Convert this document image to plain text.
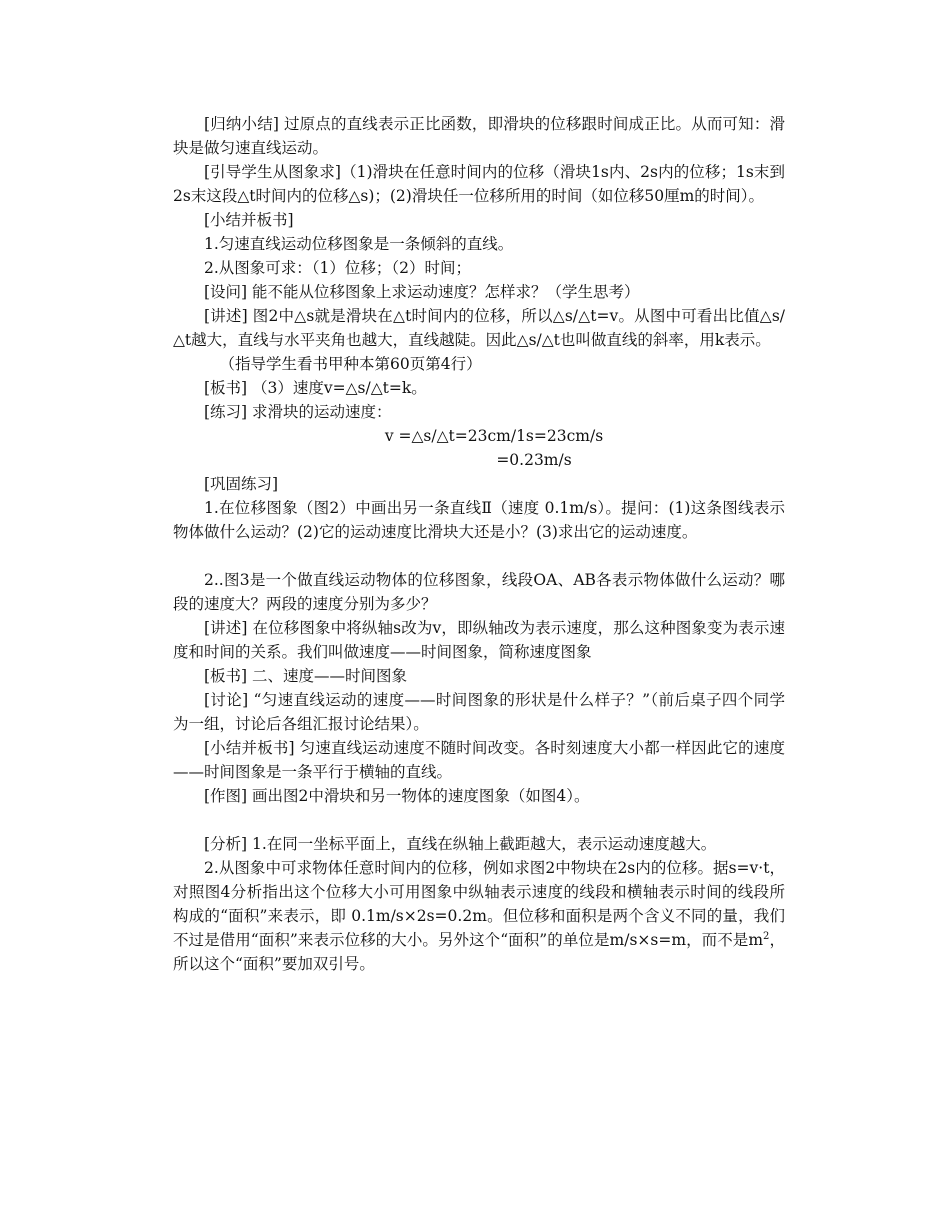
[归纳小结] 过原点的直线表示正比函数，即滑块的位移跟时间成正比。从而可知：滑块是做匀速直线运动。

[引导学生从图象求]（1)滑块在任意时间内的位移（滑块1s内、2s内的位移；1s末到2s末这段△t时间内的位移△s)；(2)滑块任一位移所用的时间（如位移50厘m的时间）。

[小结并板书]

1.匀速直线运动位移图象是一条倾斜的直线。

2.从图象可求：（1）位移；（2）时间；

[设问] 能不能从位移图象上求运动速度？怎样求？（学生思考）

[讲述] 图2中△s就是滑块在△t时间内的位移，所以△s/△t=v。从图中可看出比值△s/△t越大，直线与水平夹角也越大，直线越陡。因此△s/△t也叫做直线的斜率，用k表示。

（指导学生看书甲种本第60页第4行）

[板书] （3）速度v=△s/△t=k。

[练习] 求滑块的运动速度：

v =△s/△t=23cm/1s=23cm/s

=0.23m/s

[巩固练习]

1.在位移图象（图2）中画出另一条直线Ⅱ（速度 0.1m/s）。提问：(1)这条图线表示物体做什么运动？(2)它的运动速度比滑块大还是小？(3)求出它的运动速度。

2..图3是一个做直线运动物体的位移图象，线段OA、AB各表示物体做什么运动？哪段的速度大？两段的速度分别为多少？

[讲述] 在位移图象中将纵轴s改为v，即纵轴改为表示速度，那么这种图象变为表示速度和时间的关系。我们叫做速度——时间图象，简称速度图象

[板书] 二、速度——时间图象

[讨论] “匀速直线运动的速度——时间图象的形状是什么样子？”（前后桌子四个同学为一组，讨论后各组汇报讨论结果）。

[小结并板书] 匀速直线运动速度不随时间改变。各时刻速度大小都一样因此它的速度——时间图象是一条平行于横轴的直线。

[作图] 画出图2中滑块和另一物体的速度图象（如图4）。

[分析] 1.在同一坐标平面上，直线在纵轴上截距越大，表示运动速度越大。

2.从图象中可求物体任意时间内的位移，例如求图2中物块在2s内的位移。据s=v·t，对照图4分析指出这个位移大小可用图象中纵轴表示速度的线段和横轴表示时间的线段所构成的“面积”来表示，即 0.1m/s×2s=0.2m。但位移和面积是两个含义不同的量，我们不过是借用“面积”来表示位移的大小。另外这个“面积”的单位是m/s×s=m，而不是$m^2$，所以这个“面积”要加双引号。
